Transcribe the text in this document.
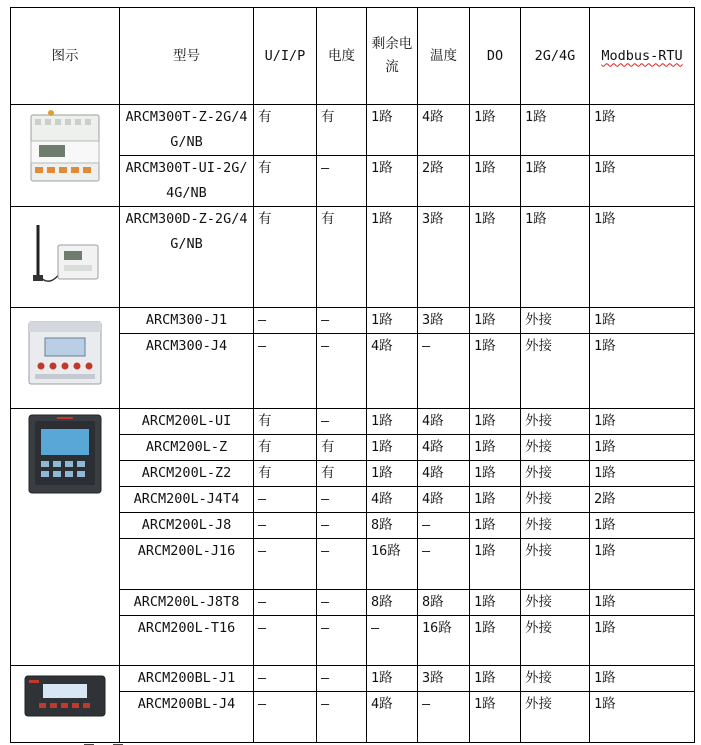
图示	型号	U/I/P	电度	剩余电流	温度	DO	2G/4G	Modbus-RTU

	ARCM300T-Z-2G/4G/NB	有	有	1路	4路	1路	1路	1路
	ARCM300T-UI-2G/4G/NB	有	–	1路	2路	1路	1路	1路

	ARCM300D-Z-2G/4G/NB	有	有	1路	3路	1路	1路	1路

	ARCM300-J1	–	–	1路	3路	1路	外接	1路
	ARCM300-J4	–	–	4路	–	1路	外接	1路

	ARCM200L-UI	有	–	1路	4路	1路	外接	1路
	ARCM200L-Z	有	有	1路	4路	1路	外接	1路
	ARCM200L-Z2	有	有	1路	4路	1路	外接	1路
	ARCM200L-J4T4	–	–	4路	4路	1路	外接	2路
	ARCM200L-J8	–	–	8路	–	1路	外接	1路
	ARCM200L-J16	–	–	16路	–	1路	外接	1路
	ARCM200L-J8T8	–	–	8路	8路	1路	外接	1路
	ARCM200L-T16	–	–	–	16路	1路	外接	1路

	ARCM200BL-J1	–	–	1路	3路	1路	外接	1路
	ARCM200BL-J4	–	–	4路	–	1路	外接	1路
